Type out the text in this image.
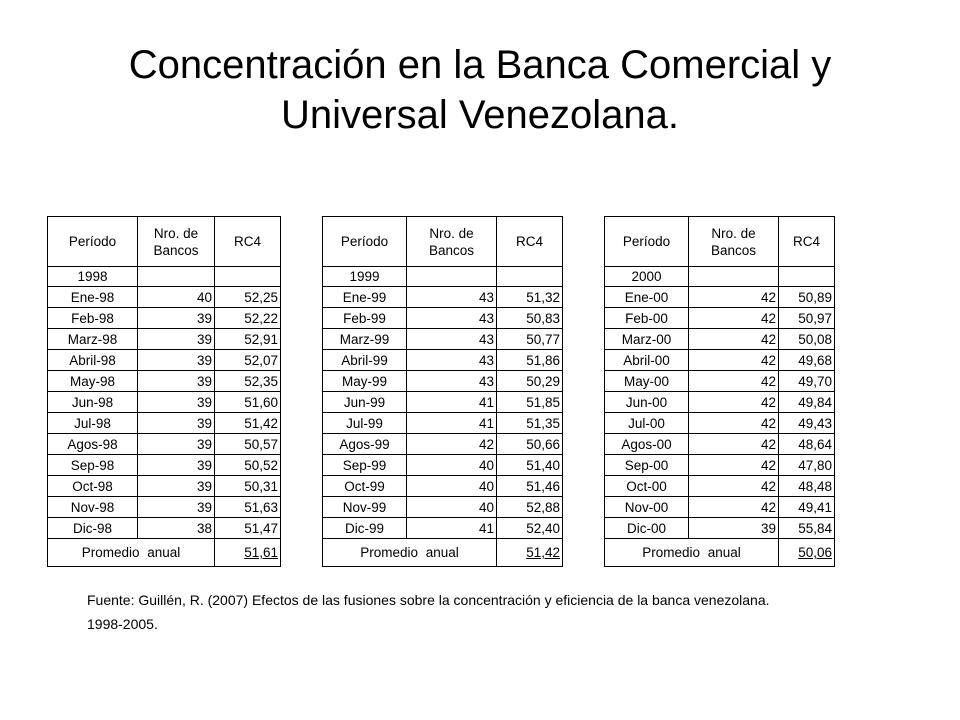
Concentración en la Banca Comercial y Universal Venezolana.
Período	Nro. de Bancos	RC4		Período	Nro. de Bancos	RC4		Período	Nro. de Bancos	RC4
1998				1999				2000		
Ene-98	40	52,25		Ene-99	43	51,32		Ene-00	42	50,89
Feb-98	39	52,22		Feb-99	43	50,83		Feb-00	42	50,97
Marz-98	39	52,91		Marz-99	43	50,77		Marz-00	42	50,08
Abril-98	39	52,07		Abril-99	43	51,86		Abril-00	42	49,68
May-98	39	52,35		May-99	43	50,29		May-00	42	49,70
Jun-98	39	51,60		Jun-99	41	51,85		Jun-00	42	49,84
Jul-98	39	51,42		Jul-99	41	51,35		Jul-00	42	49,43
Agos-98	39	50,57		Agos-99	42	50,66		Agos-00	42	48,64
Sep-98	39	50,52		Sep-99	40	51,40		Sep-00	42	47,80
Oct-98	39	50,31		Oct-99	40	51,46		Oct-00	42	48,48
Nov-98	39	51,63		Nov-99	40	52,88		Nov-00	42	49,41
Dic-98	38	51,47		Dic-99	41	52,40		Dic-00	39	55,84
Promedio anual		51,61		Promedio anual		51,42		Promedio anual		50,06
Fuente: Guillén, R. (2007) Efectos de las fusiones sobre la concentración y eficiencia de la banca venezolana. 1998-2005.
